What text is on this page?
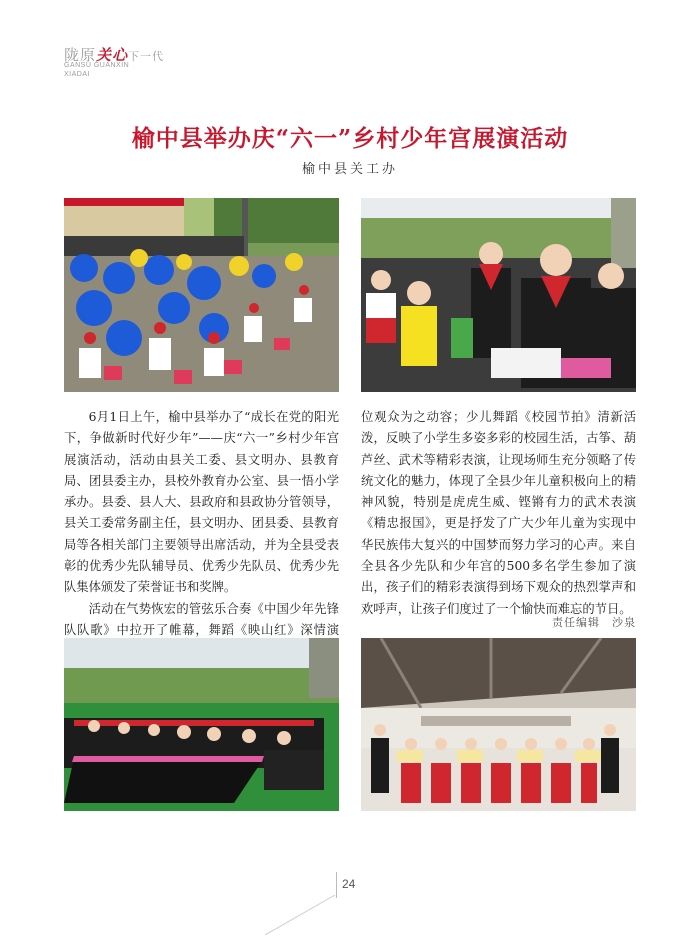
陇原关心下一代
GANSU GUANXIN
XIADAI
榆中县举办庆“六一”乡村少年宫展演活动
榆中县关工办

6月1日上午，榆中县举办了“成长在党的阳光下，争做新时代好少年”——庆“六一”乡村少年宫展演活动，活动由县关工委、县文明办、县教育局、团县委主办，县校外教育办公室、县一悟小学承办。县委、县人大、县政府和县政协分管领导，县关工委常务副主任，县文明办、团县委、县教育局等各相关部门主要领导出席活动，并为全县受表彰的优秀少先队辅导员、优秀少先队员、优秀少先队集体颁发了荣誉证书和奖牌。

活动在气势恢宏的管弦乐合奏《中国少年先锋队队歌》中拉开了帷幕，舞蹈《映山红》深情演

位观众为之动容；少儿舞蹈《校园节拍》清新活泼，反映了小学生多姿多彩的校园生活，古筝、葫芦丝、武术等精彩表演，让现场师生充分领略了传统文化的魅力，体现了全县少年儿童积极向上的精神风貌，特别是虎虎生威、铿锵有力的武术表演《精忠报国》，更是抒发了广大少年儿童为实现中华民族伟大复兴的中国梦而努力学习的心声。来自全县各少先队和少年宫的500多名学生参加了演出，孩子们的精彩表演得到场下观众的热烈掌声和欢呼声，让孩子们度过了一个愉快而难忘的节日。

责任编辑　沙泉
24
